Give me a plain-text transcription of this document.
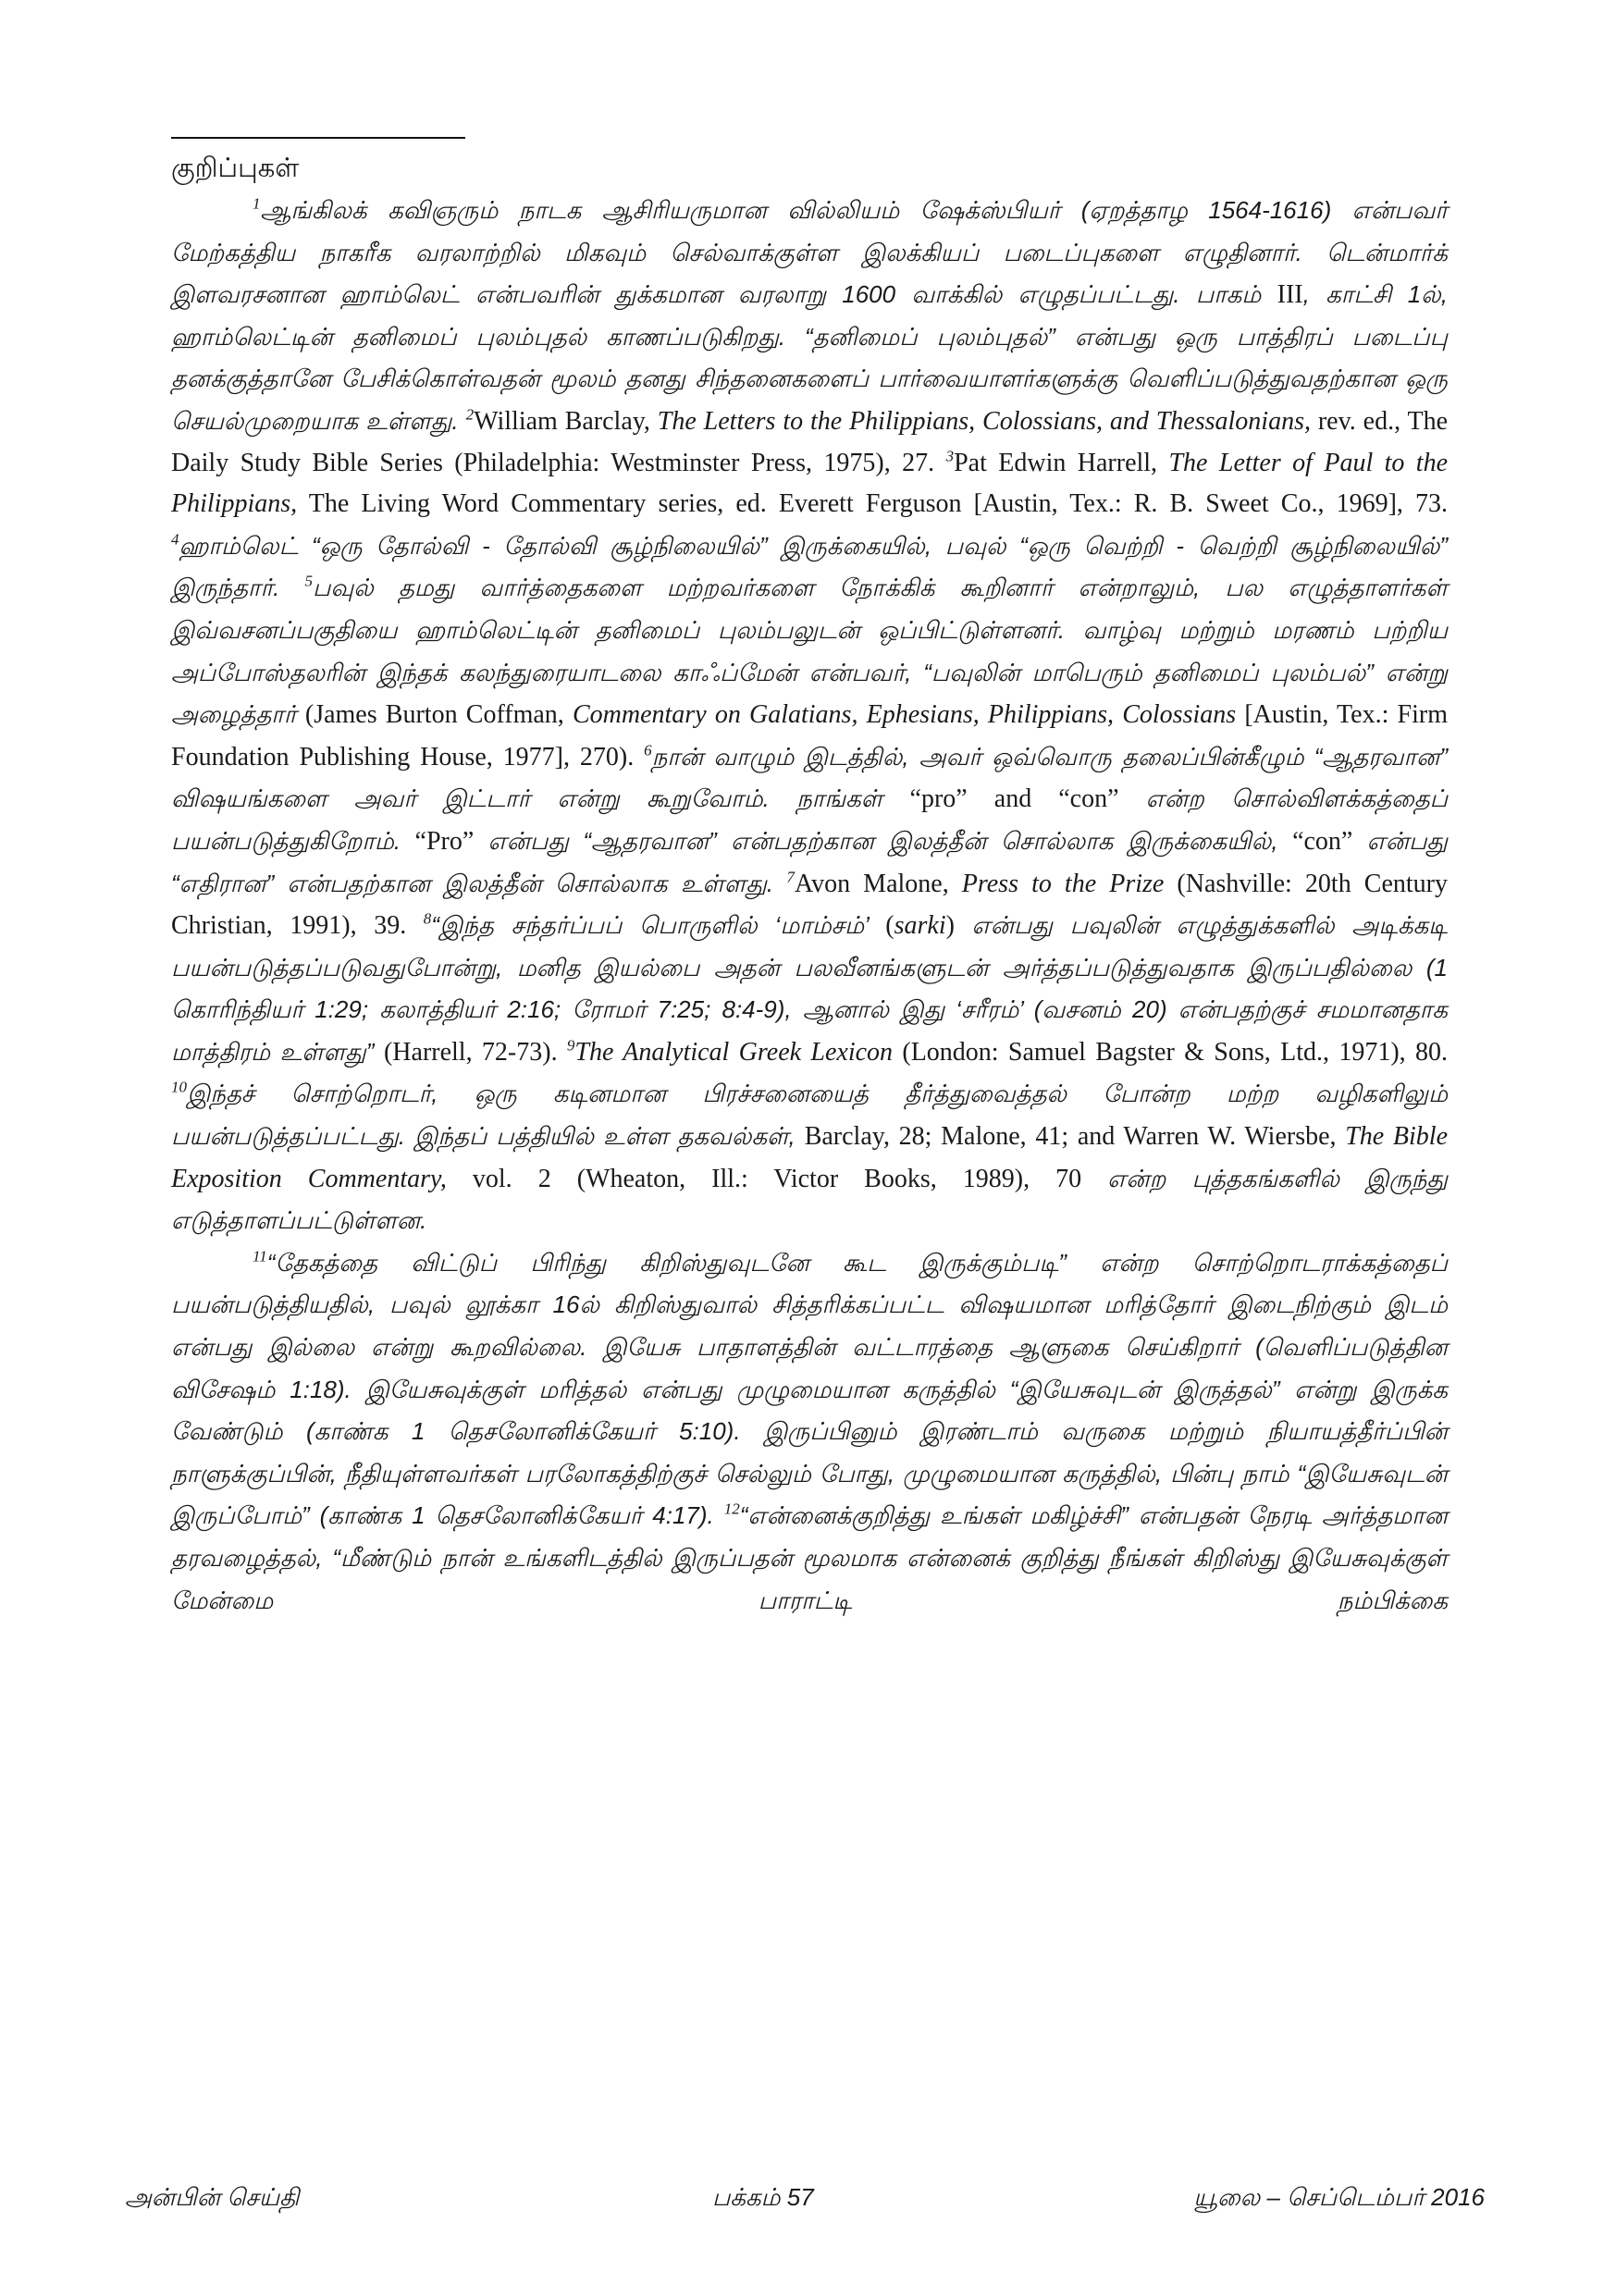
குறிப்புகள்

$^1$ஆங்கிலக் கவிஞரும் நாடக ஆசிரியருமான வில்லியம் ஷேக்ஸ்பியர் (ஏறத்தாழ 1564-1616) என்பவர் மேற்கத்திய நாகரீக வரலாற்றில் மிகவும் செல்வாக்குள்ள இலக்கியப் படைப்புகளை எழுதினார். டென்மார்க் இளவரசனான ஹாம்லெட் என்பவரின் துக்கமான வரலாறு 1600 வாக்கில் எழுதப்பட்டது. பாகம் III, காட்சி 1ல், ஹாம்லெட்டின் தனிமைப் புலம்புதல் காணப்படுகிறது. “தனிமைப் புலம்புதல்” என்பது ஒரு பாத்திரப் படைப்பு தனக்குத்தானே பேசிக்கொள்வதன் மூலம் தனது சிந்தனைகளைப் பார்வையாளர்களுக்கு வெளிப்படுத்துவதற்கான ஒரு செயல்முறையாக உள்ளது. $^2$William Barclay, The Letters to the Philippians, Colossians, and Thessalonians, rev. ed., The Daily Study Bible Series (Philadelphia: Westminster Press, 1975), 27. $^3$Pat Edwin Harrell, The Letter of Paul to the Philippians, The Living Word Commentary series, ed. Everett Ferguson [Austin, Tex.: R. B. Sweet Co., 1969], 73. $^4$ஹாம்லெட் “ஒரு தோல்வி - தோல்வி சூழ்நிலையில்” இருக்கையில், பவுல் “ஒரு வெற்றி - வெற்றி சூழ்நிலையில்” இருந்தார். $^5$பவுல் தமது வார்த்தைகளை மற்றவர்களை நோக்கிக் கூறினார் என்றாலும், பல எழுத்தாளர்கள் இவ்வசனப்பகுதியை ஹாம்லெட்டின் தனிமைப் புலம்பலுடன் ஒப்பிட்டுள்ளனர். வாழ்வு மற்றும் மரணம் பற்றிய அப்போஸ்தலரின் இந்தக் கலந்துரையாடலை காஃப்மேன் என்பவர், “பவுலின் மாபெரும் தனிமைப் புலம்பல்” என்று அழைத்தார் (James Burton Coffman, Commentary on Galatians, Ephesians, Philippians, Colossians [Austin, Tex.: Firm Foundation Publishing House, 1977], 270). $^6$நான் வாழும் இடத்தில், அவர் ஒவ்வொரு தலைப்பின்கீழும் “ஆதரவான” விஷயங்களை அவர் இட்டார் என்று கூறுவோம். நாங்கள் “pro” and “con” என்ற சொல்விளக்கத்தைப் பயன்படுத்துகிறோம். “Pro” என்பது “ஆதரவான” என்பதற்கான இலத்தீன் சொல்லாக இருக்கையில், “con” என்பது “எதிரான” என்பதற்கான இலத்தீன் சொல்லாக உள்ளது. $^7$Avon Malone, Press to the Prize (Nashville: 20th Century Christian, 1991), 39. $^8$“இந்த சந்தர்ப்பப் பொருளில் ‘மாம்சம்’ (sarki) என்பது பவுலின் எழுத்துக்களில் அடிக்கடி பயன்படுத்தப்படுவதுபோன்று, மனித இயல்பை அதன் பலவீனங்களுடன் அர்த்தப்படுத்துவதாக இருப்பதில்லை (1 கொரிந்தியர் 1:29; கலாத்தியர் 2:16; ரோமர் 7:25; 8:4-9), ஆனால் இது ‘சரீரம்’ (வசனம் 20) என்பதற்குச் சமமானதாக மாத்திரம் உள்ளது” (Harrell, 72-73). $^9$The Analytical Greek Lexicon (London: Samuel Bagster & Sons, Ltd., 1971), 80. $^{10}$இந்தச் சொற்றொடர், ஒரு கடினமான பிரச்சனையைத் தீர்த்துவைத்தல் போன்ற மற்ற வழிகளிலும் பயன்படுத்தப்பட்டது. இந்தப் பத்தியில் உள்ள தகவல்கள், Barclay, 28; Malone, 41; and Warren W. Wiersbe, The Bible Exposition Commentary, vol. 2 (Wheaton, Ill.: Victor Books, 1989), 70 என்ற புத்தகங்களில் இருந்து எடுத்தாளப்பட்டுள்ளன.

$^{11}$“தேகத்தை விட்டுப் பிரிந்து கிறிஸ்துவுடனே கூட இருக்கும்படி” என்ற சொற்றொடராக்கத்தைப் பயன்படுத்தியதில், பவுல் லூக்கா 16ல் கிறிஸ்துவால் சித்தரிக்கப்பட்ட விஷயமான மரித்தோர் இடைநிற்கும் இடம் என்பது இல்லை என்று கூறவில்லை. இயேசு பாதாளத்தின் வட்டாரத்தை ஆளுகை செய்கிறார் (வெளிப்படுத்தின விசேஷம் 1:18). இயேசுவுக்குள் மரித்தல் என்பது முழுமையான கருத்தில் “இயேசுவுடன் இருத்தல்” என்று இருக்க வேண்டும் (காண்க 1 தெசலோனிக்கேயர் 5:10). இருப்பினும் இரண்டாம் வருகை மற்றும் நியாயத்தீர்ப்பின் நாளுக்குப்பின், நீதியுள்ளவர்கள் பரலோகத்திற்குச் செல்லும் போது, முழுமையான கருத்தில், பின்பு நாம் “இயேசுவுடன் இருப்போம்” (காண்க 1 தெசலோனிக்கேயர் 4:17). $^{12}$“என்னைக்குறித்து உங்கள் மகிழ்ச்சி” என்பதன் நேரடி அர்த்தமான தரவழைத்தல், “மீண்டும் நான் உங்களிடத்தில் இருப்பதன் மூலமாக என்னைக் குறித்து நீங்கள் கிறிஸ்து இயேசுவுக்குள் மேன்மை பாராட்டி நம்பிக்கை

அன்பின் செய்தி	பக்கம் 57	யூலை – செப்டெம்பர் 2016
